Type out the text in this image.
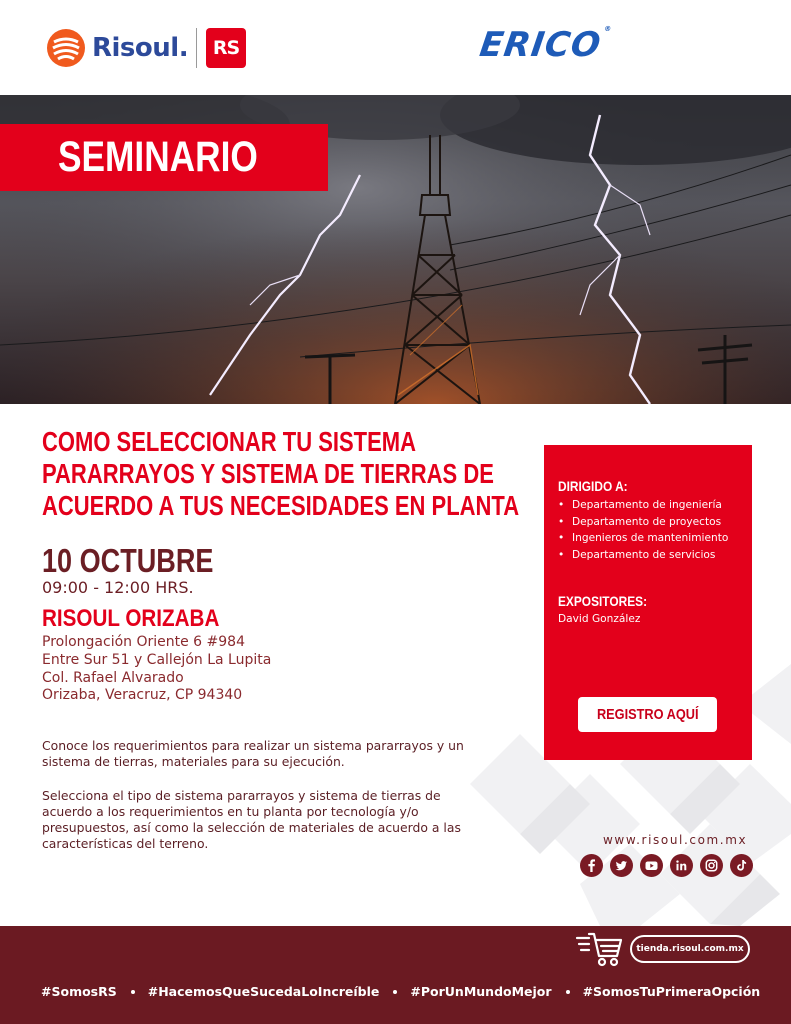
Risoul.	RS	ERICO®
SEMINARIO
COMO SELECCIONAR TU SISTEMA
PARARRAYOS Y SISTEMA DE TIERRAS DE
ACUERDO A TUS NECESIDADES EN PLANTA
10 OCTUBRE
09:00 - 12:00 HRS.
RISOUL ORIZABA
Prolongación Oriente 6 #984
Entre Sur 51 y Callejón La Lupita
Col. Rafael Alvarado
Orizaba, Veracruz, CP 94340

Conoce los requerimientos para realizar un sistema pararrayos y un sistema de tierras, materiales para su ejecución.

Selecciona el tipo de sistema pararrayos y sistema de tierras de acuerdo a los requerimientos en tu planta por tecnología y/o presupuestos, así como la selección de materiales de acuerdo a las características del terreno.

DIRIGIDO A:
• Departamento de ingeniería
• Departamento de proyectos
• Ingenieros de mantenimiento
• Departamento de servicios
EXPOSITORES:
David González
REGISTRO AQUÍ
www.risoul.com.mx
tienda.risoul.com.mx
#SomosRS #HacemosQueSucedaLoIncreíble #PorUnMundoMejor #SomosTuPrimeraOpción
